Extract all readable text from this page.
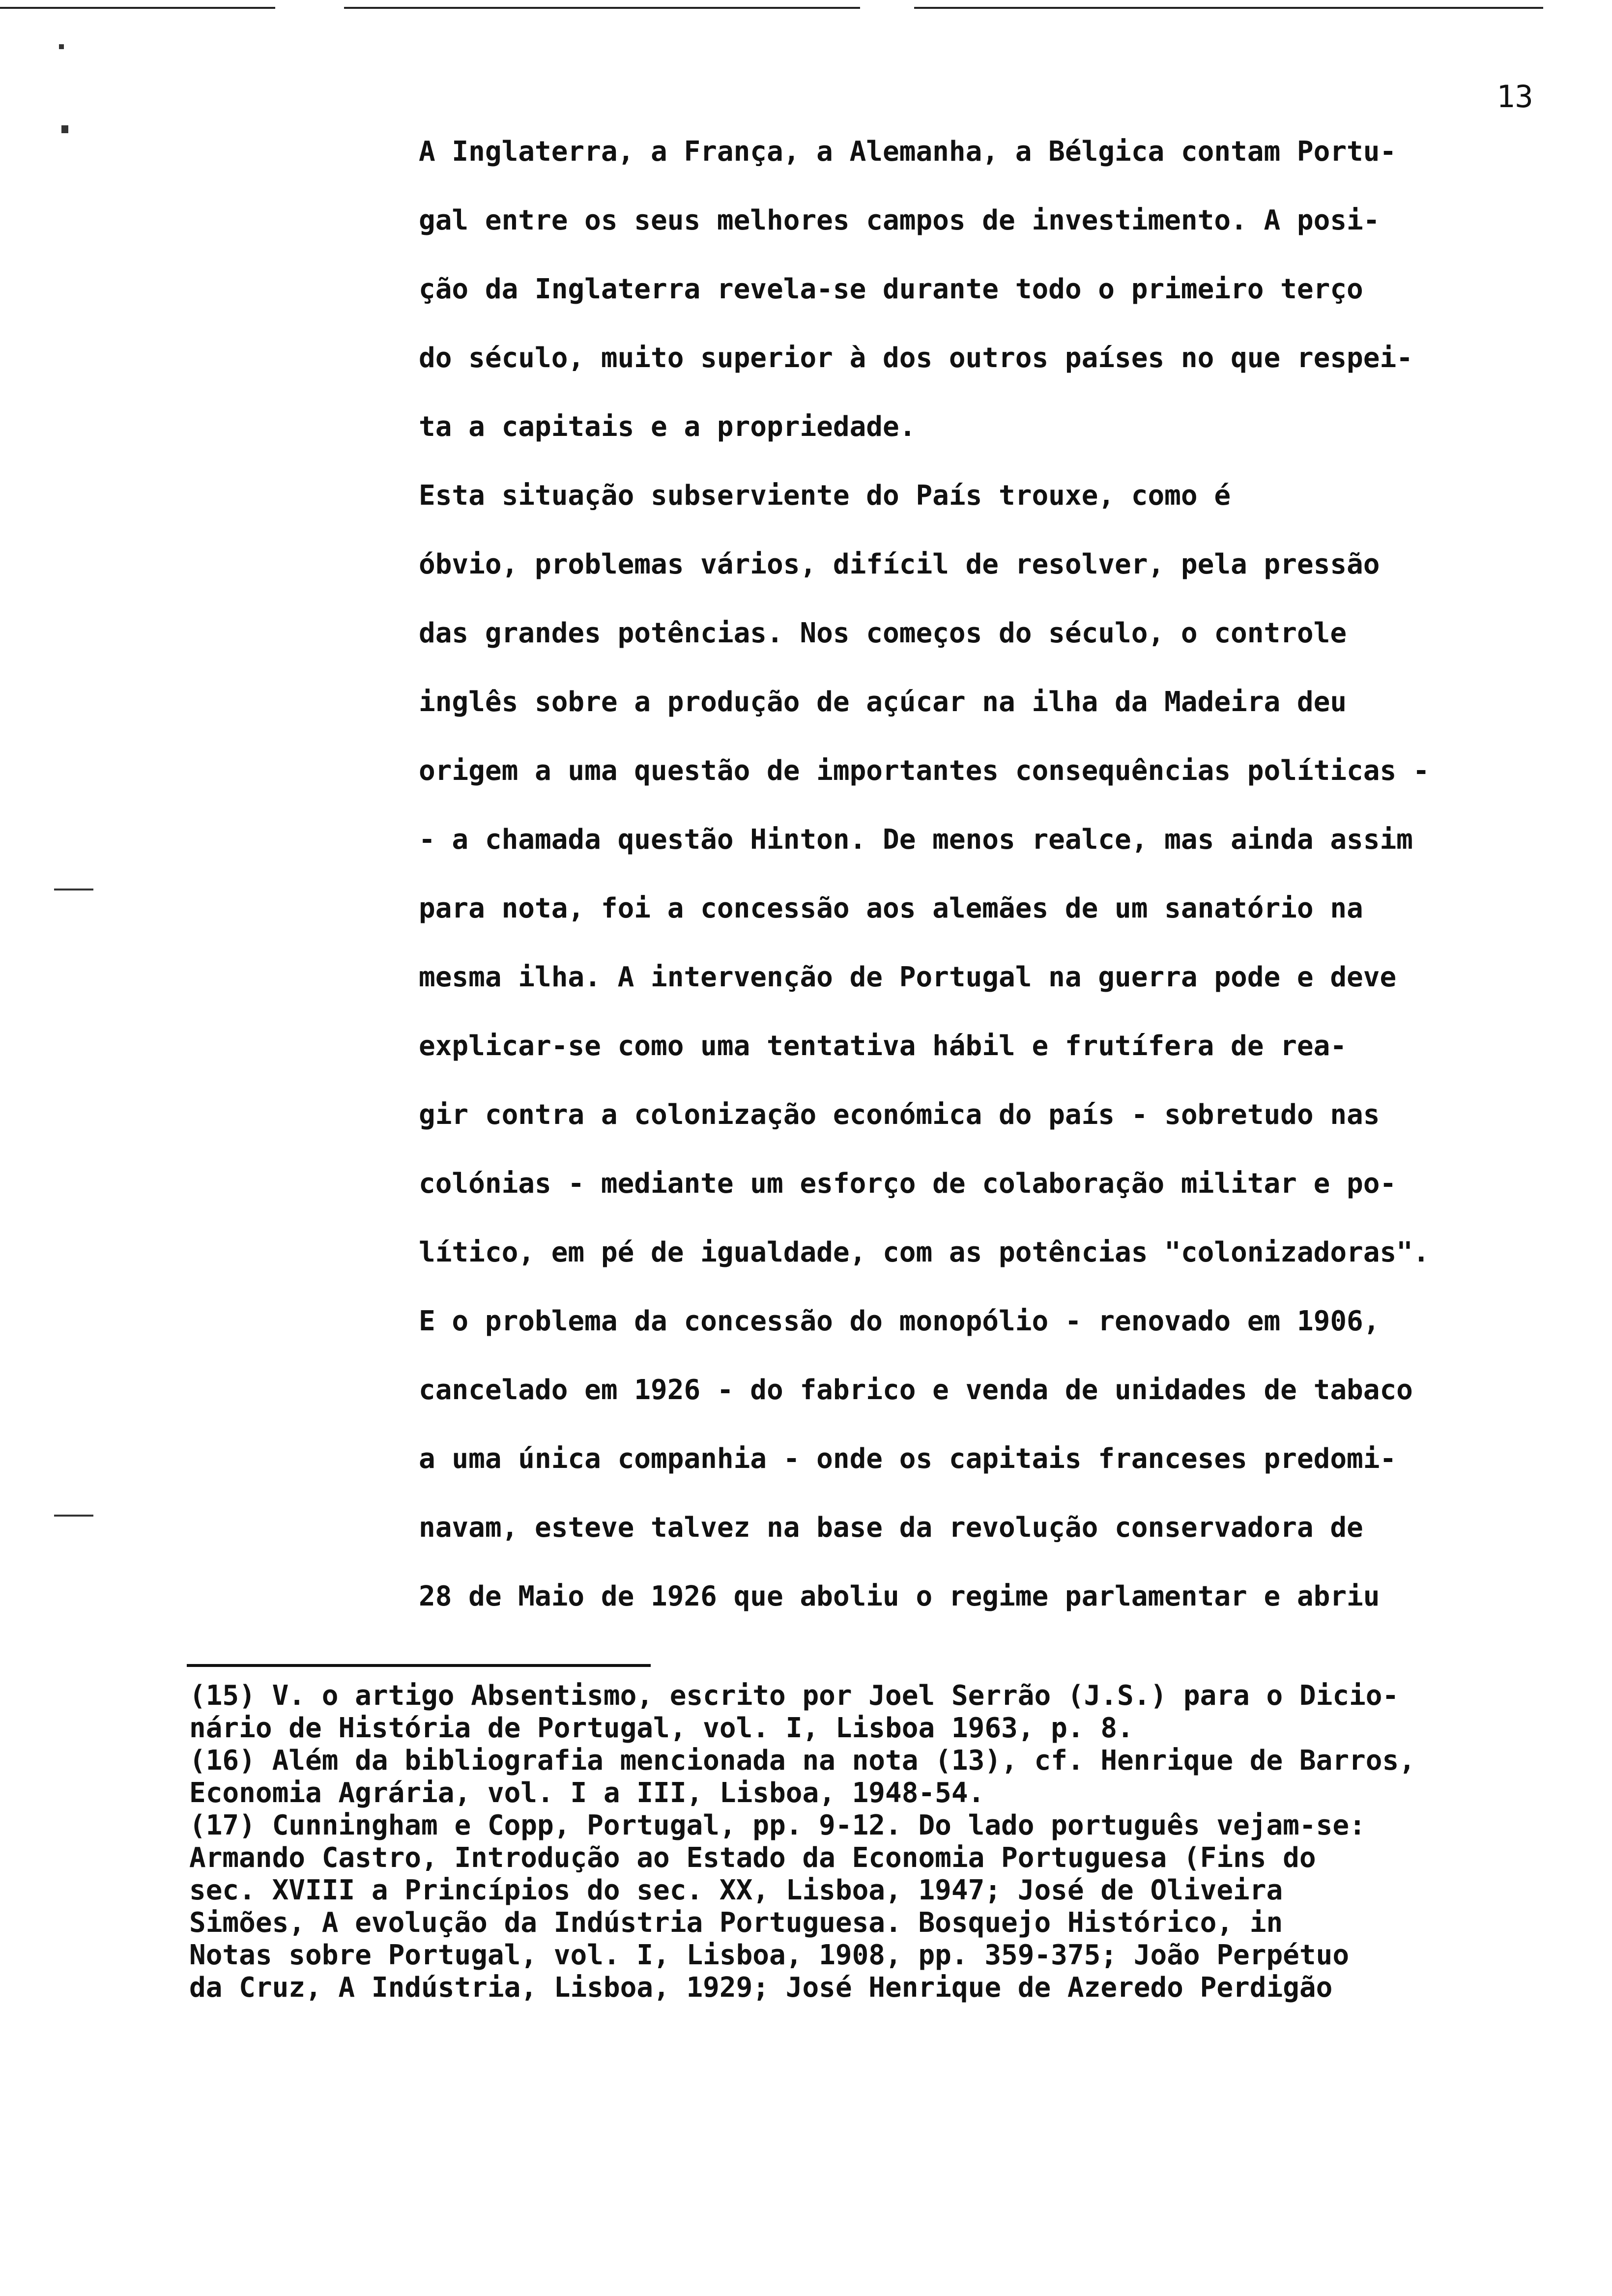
13
A Inglaterra, a França, a Alemanha, a Bélgica contam Portu-
gal entre os seus melhores campos de investimento. A posi-
ção da Inglaterra revela-se durante todo o primeiro terço
do século, muito superior à dos outros países no que respei-
ta a capitais e a propriedade.
Esta situação subserviente do País trouxe, como é
óbvio, problemas vários, difícil de resolver, pela pressão
das grandes potências. Nos começos do século, o controle
inglês sobre a produção de açúcar na ilha da Madeira deu
origem a uma questão de importantes consequências políticas -
- a chamada questão Hinton. De menos realce, mas ainda assim
para nota, foi a concessão aos alemães de um sanatório na
mesma ilha. A intervenção de Portugal na guerra pode e deve
explicar-se como uma tentativa hábil e frutífera de rea-
gir contra a colonização económica do país - sobretudo nas
colónias - mediante um esforço de colaboração militar e po-
lítico, em pé de igualdade, com as potências "colonizadoras".
E o problema da concessão do monopólio - renovado em 1906,
cancelado em 1926 - do fabrico e venda de unidades de tabaco
a uma única companhia - onde os capitais franceses predomi-
navam, esteve talvez na base da revolução conservadora de
28 de Maio de 1926 que aboliu o regime parlamentar e abriu
(15) V. o artigo Absentismo, escrito por Joel Serrão (J.S.) para o Dicio-
nário de História de Portugal, vol. I, Lisboa 1963, p. 8.
(16) Além da bibliografia mencionada na nota (13), cf. Henrique de Barros,
Economia Agrária, vol. I a III, Lisboa, 1948-54.
(17) Cunningham e Copp, Portugal, pp. 9-12. Do lado português vejam-se:
Armando Castro, Introdução ao Estado da Economia Portuguesa (Fins do
sec. XVIII a Princípios do sec. XX, Lisboa, 1947; José de Oliveira
Simões, A evolução da Indústria Portuguesa. Bosquejo Histórico, in
Notas sobre Portugal, vol. I, Lisboa, 1908, pp. 359-375; João Perpétuo
da Cruz, A Indústria, Lisboa, 1929; José Henrique de Azeredo Perdigão
